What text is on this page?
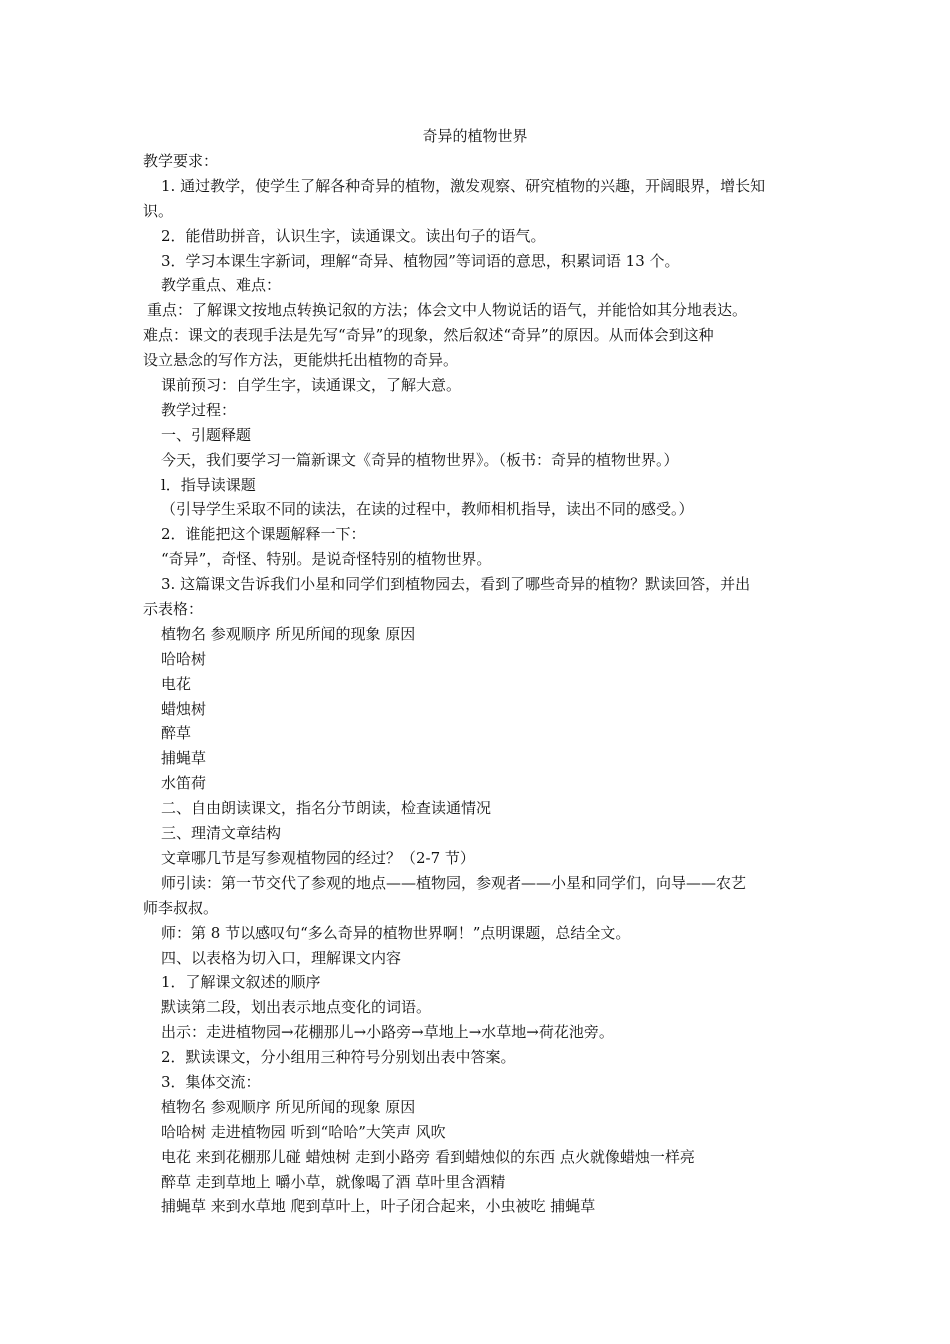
奇异的植物世界
教学要求：
1. 通过教学，使学生了解各种奇异的植物，激发观察、研究植物的兴趣，开阔眼界，增长知
识。
2．能借助拼音，认识生字，读通课文。读出句子的语气。
3．学习本课生字新词，理解“奇异、植物园”等词语的意思，积累词语 13 个。
教学重点、难点：
重点：了解课文按地点转换记叙的方法；体会文中人物说话的语气，并能恰如其分地表达。
难点：课文的表现手法是先写“奇异”的现象，然后叙述“奇异”的原因。从而体会到这种
设立悬念的写作方法，更能烘托出植物的奇异。
课前预习：自学生字，读通课文，了解大意。
教学过程：
一、引题释题
今天，我们要学习一篇新课文《奇异的植物世界》。（板书：奇异的植物世界。）
l．指导读课题
（引导学生采取不同的读法，在读的过程中，教师相机指导，读出不同的感受。）
2．谁能把这个课题解释一下：
“奇异”，奇怪、特别。是说奇怪特别的植物世界。
3. 这篇课文告诉我们小星和同学们到植物园去，看到了哪些奇异的植物？默读回答，并出
示表格：
植物名 参观顺序 所见所闻的现象 原因
哈哈树
电花
蜡烛树
醉草
捕蝇草
水笛荷
二、自由朗读课文，指名分节朗读，检查读通情况
三、理清文章结构
文章哪几节是写参观植物园的经过？（2-7 节）
师引读：第一节交代了参观的地点——植物园，参观者——小星和同学们，向导——农艺
师李叔叔。
师：第 8 节以感叹句“多么奇异的植物世界啊！”点明课题，总结全文。
四、以表格为切入口，理解课文内容
1．了解课文叙述的顺序
默读第二段，划出表示地点变化的词语。
出示：走进植物园→花棚那儿→小路旁→草地上→水草地→荷花池旁。
2．默读课文，分小组用三种符号分别划出表中答案。
3．集体交流：
植物名 参观顺序 所见所闻的现象 原因
哈哈树 走进植物园 听到“哈哈”大笑声 风吹
电花 来到花棚那儿碰 蜡烛树 走到小路旁 看到蜡烛似的东西 点火就像蜡烛一样亮
醉草 走到草地上 嚼小草，就像喝了酒 草叶里含酒精
捕蝇草 来到水草地 爬到草叶上，叶子闭合起来，小虫被吃 捕蝇草
